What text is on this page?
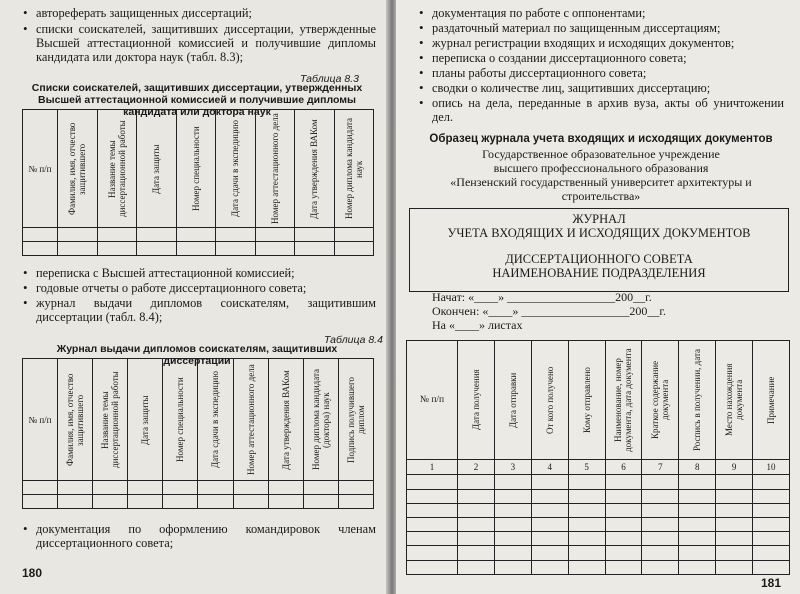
• автореферать защищенных диссертаций;
• списки соискателей, защитивших диссертации, утвержденные Высшей аттестационной комиссией и получившие дипломы кандидата или доктора наук (табл. 8.3);
Таблица 8.3
Списки соискателей, защитивших диссертации, утвержденных Высшей аттестационной комиссией и получившие дипломы кандидата или доктора наук
№ п/п	Фамилия, имя, отчество защитившего	Название темы диссертационной работы	Дата защиты	Номер специальности	Дата сдачи в экспедицию	Номер аттестационного дела	Дата утверждения ВАКом	Номер диплома кандидата наук

• переписка с Высшей аттестационной комиссией;
• годовые отчеты о работе диссертационного совета;
• журнал выдачи дипломов соискателям, защитившим диссертации (табл. 8.4);
Таблица 8.4
Журнал выдачи дипломов соискателям, защитивших диссертации
№ п/п	Фамилия, имя, отчество защитившего	Название темы диссертационной работы	Дата защиты	Номер специальности	Дата сдачи в экспедицию	Номер аттестационного дела	Дата утверждения ВАКом	Номер диплома кандидата (доктора) наук	Подпись получившего диплом

• документация по оформлению командировок членам диссертационного совета;
180
• документация по работе с оппонентами;
• раздаточный материал по защищенным диссертациям;
• журнал регистрации входящих и исходящих документов;
• переписка о создании диссертационного совета;
• планы работы диссертационного совета;
• сводки о количестве лиц, защитивших диссертацию;
• опись на дела, переданные в архив вуза, акты об уничтожении дел.
Образец журнала учета входящих и исходящих документов
Государственное образовательное учреждение
высшего профессионального образования
«Пензенский государственный университет архитектуры и строительства»
ЖУРНАЛ
УЧЕТА ВХОДЯЩИХ И ИСХОДЯЩИХ ДОКУМЕНТОВ
ДИССЕРТАЦИОННОГО СОВЕТА
НАИМЕНОВАНИЕ ПОДРАЗДЕЛЕНИЯ
Начат: «____» __________________200__г.
Окончен: «____» __________________200__г.
На «____» листах
№ п/п	Дата получения	Дата отправки	От кого получено	Кому отправлено	Наименование, номер документа, дата документа	Краткое содержание документа	Роспись в получении, дата	Место нахождения документа	Примечание

1	2	3	4	5	6	7	8	9	10

181
